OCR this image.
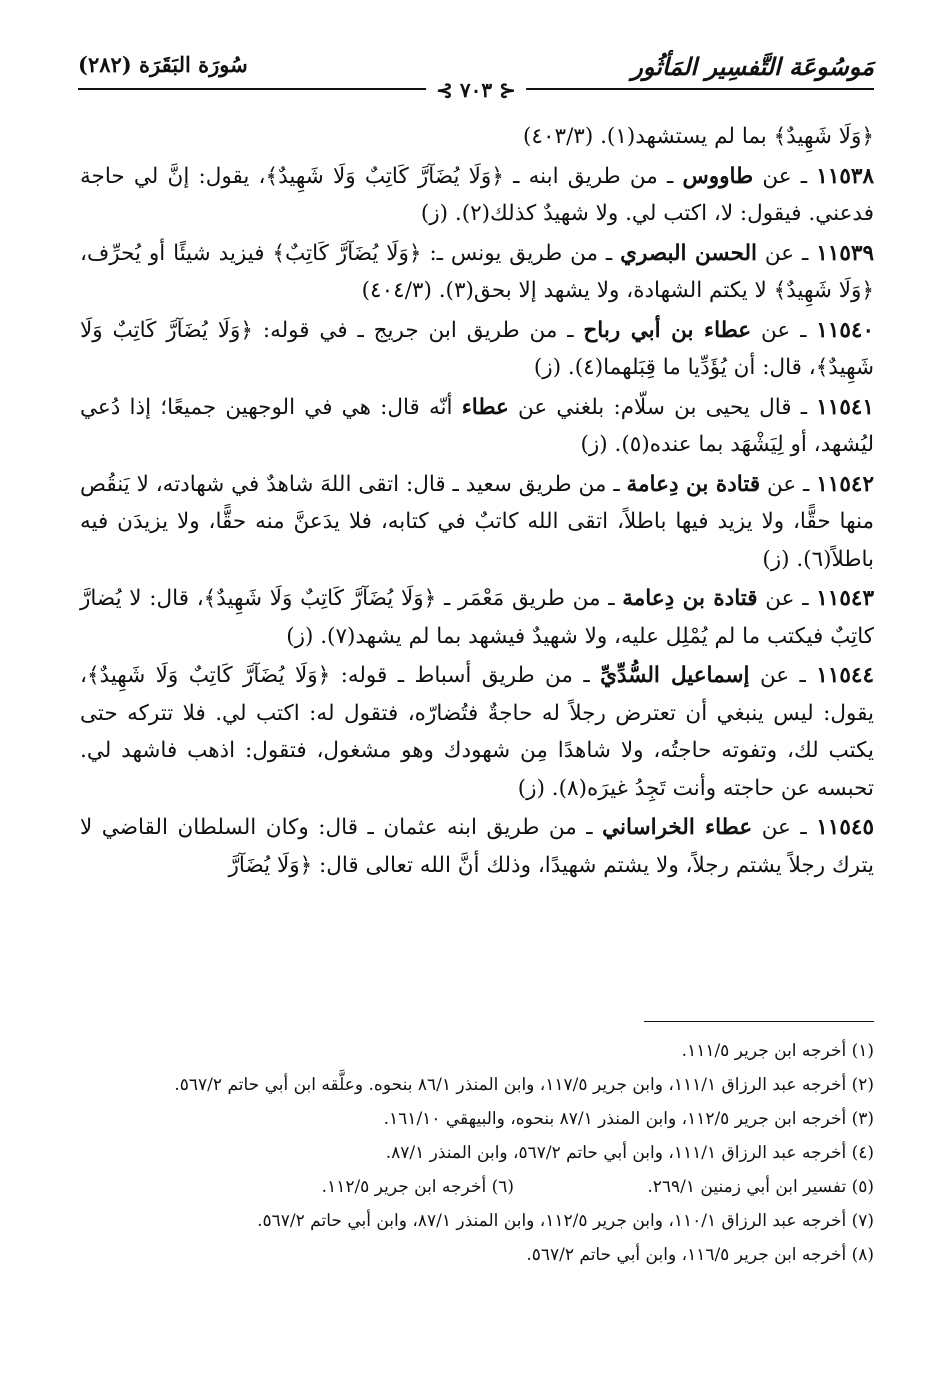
مَوسُوعَة التَّفسِير المَأثُور
سُورَة البَقَرَة (٢٨٢)
⊰ ٧٠٣ ⊱

﴿وَلَا شَهِيدٌ﴾ بما لم يستشهد(١). (٤٠٣/٣)

١١٥٣٨ ـ عن طاووس ـ من طريق ابنه ـ ﴿وَلَا يُضَآرَّ كَاتِبٌ وَلَا شَهِيدٌ﴾، يقول: إنَّ لي حاجة فدعني. فيقول: لا، اكتب لي. ولا شهيدٌ كذلك(٢). (ز)

١١٥٣٩ ـ عن الحسن البصري ـ من طريق يونس ـ: ﴿وَلَا يُضَآرَّ كَاتِبٌ﴾ فيزيد شيئًا أو يُحرِّف، ﴿وَلَا شَهِيدٌ﴾ لا يكتم الشهادة، ولا يشهد إلا بحق(٣). (٤٠٤/٣)

١١٥٤٠ ـ عن عطاء بن أبي رباح ـ من طريق ابن جريج ـ في قوله: ﴿وَلَا يُضَآرَّ كَاتِبٌ وَلَا شَهِيدٌ﴾، قال: أن يُؤَدِّيا ما قِبَلهما(٤). (ز)

١١٥٤١ ـ قال يحيى بن سلّام: بلغني عن عطاء أنّه قال: هي في الوجهين جميعًا؛ إذا دُعي ليُشهد، أو لِيَشْهَد بما عنده(٥). (ز)

١١٥٤٢ ـ عن قتادة بن دِعامة ـ من طريق سعيد ـ قال: اتقى اللهَ شاهدٌ في شهادته، لا يَنقُص منها حقًّا، ولا يزيد فيها باطلاً، اتقى الله كاتبٌ في كتابه، فلا يدَعنَّ منه حقًّا، ولا يزيدَن فيه باطلاً(٦). (ز)

١١٥٤٣ ـ عن قتادة بن دِعامة ـ من طريق مَعْمَر ـ ﴿وَلَا يُضَآرَّ كَاتِبٌ وَلَا شَهِيدٌ﴾، قال: لا يُضارَّ كاتِبٌ فيكتب ما لم يُمْلِل عليه، ولا شهيدٌ فيشهد بما لم يشهد(٧). (ز)

١١٥٤٤ ـ عن إسماعيل السُّدِّيِّ ـ من طريق أسباط ـ قوله: ﴿وَلَا يُضَآرَّ كَاتِبٌ وَلَا شَهِيدٌ﴾، يقول: ليس ينبغي أن تعترض رجلاً له حاجةٌ فتُضارّه، فتقول له: اكتب لي. فلا تتركه حتى يكتب لك، وتفوته حاجتُه، ولا شاهدًا مِن شهودك وهو مشغول، فتقول: اذهب فاشهد لي. تحبسه عن حاجته وأنت تَجِدُ غيرَه(٨). (ز)

١١٥٤٥ ـ عن عطاء الخراساني ـ من طريق ابنه عثمان ـ قال: وكان السلطان القاضي لا يترك رجلاً يشتم رجلاً، ولا يشتم شهيدًا، وذلك أنَّ الله تعالى قال: ﴿وَلَا يُضَآرَّ

(١) أخرجه ابن جرير ١١١/٥.

(٢) أخرجه عبد الرزاق ١١١/١، وابن جرير ١١٧/٥، وابن المنذر ٨٦/١ بنحوه. وعلَّقه ابن أبي حاتم ٥٦٧/٢.

(٣) أخرجه ابن جرير ١١٢/٥، وابن المنذر ٨٧/١ بنحوه، والبيهقي ١٦١/١٠.

(٤) أخرجه عبد الرزاق ١١١/١، وابن أبي حاتم ٥٦٧/٢، وابن المنذر ٨٧/١.

(٥) تفسير ابن أبي زمنين ٢٦٩/١.
(٦) أخرجه ابن جرير ١١٢/٥.

(٧) أخرجه عبد الرزاق ١١٠/١، وابن جرير ١١٢/٥، وابن المنذر ٨٧/١، وابن أبي حاتم ٥٦٧/٢.

(٨) أخرجه ابن جرير ١١٦/٥، وابن أبي حاتم ٥٦٧/٢.
